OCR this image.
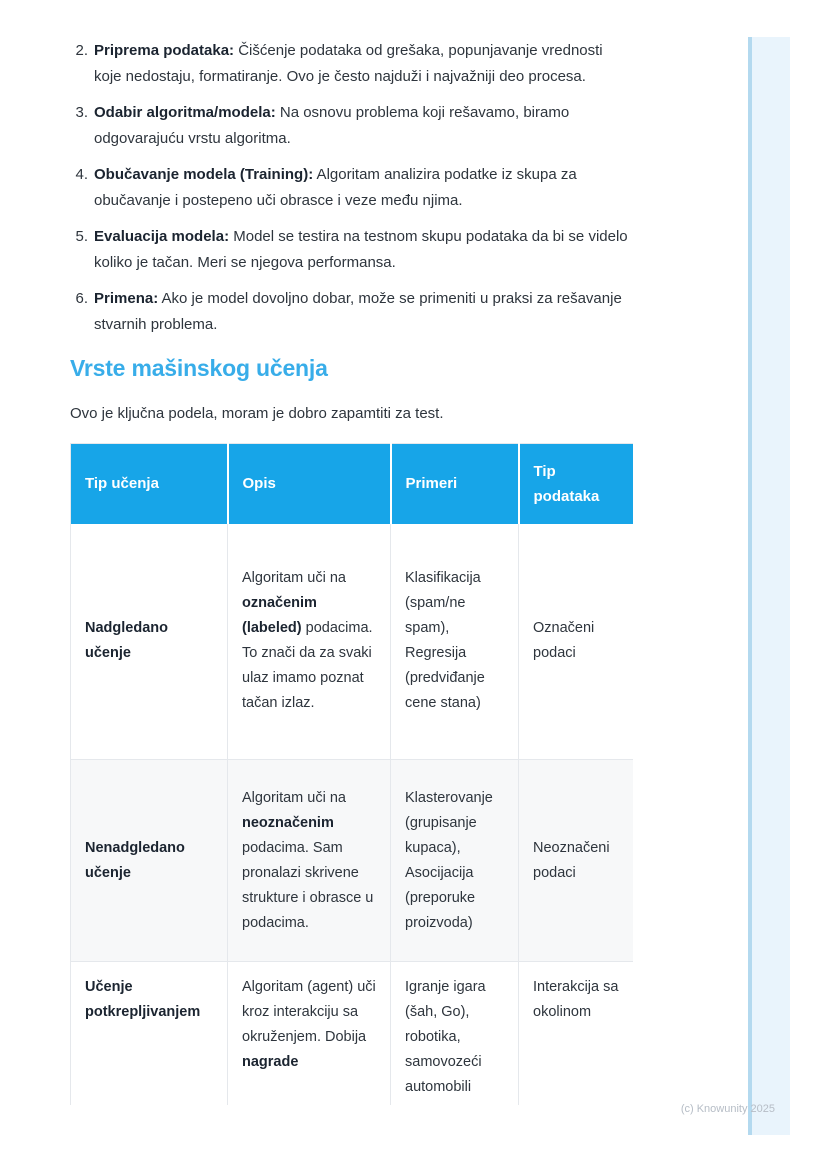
2. Priprema podataka: Čišćenje podataka od grešaka, popunjavanje vrednosti koje nedostaju, formatiranje. Ovo je često najduži i najvažniji deo procesa.
3. Odabir algoritma/modela: Na osnovu problema koji rešavamo, biramo odgovarajuću vrstu algoritma.
4. Obučavanje modela (Training): Algoritam analizira podatke iz skupa za obučavanje i postepeno uči obrasce i veze među njima.
5. Evaluacija modela: Model se testira na testnom skupu podataka da bi se videlo koliko je tačan. Meri se njegova performansa.
6. Primena: Ako je model dovoljno dobar, može se primeniti u praksi za rešavanje stvarnih problema.
Vrste mašinskog učenja

Ovo je ključna podela, moram je dobro zapamtiti za test.

Tip učenja	Opis	Primeri	Tip podataka
Nadgledano učenje	Algoritam uči na označenim (labeled) podacima. To znači da za svaki ulaz imamo poznat tačan izlaz.	Klasifikacija (spam/ne spam), Regresija (predviđanje cene stana)	Označeni podaci
Nenadgledano učenje	Algoritam uči na neoznačenim podacima. Sam pronalazi skrivene strukture i obrasce u podacima.	Klasterovanje (grupisanje kupaca), Asocijacija (preporuke proizvoda)	Neoznačeni podaci
Učenje potkrepljivanjem	Algoritam (agent) uči kroz interakciju sa okruženjem. Dobija nagrade	Igranje igara (šah, Go), robotika, samovozeći automobili	Interakcija sa okolinom
(c) Knowunity 2025
